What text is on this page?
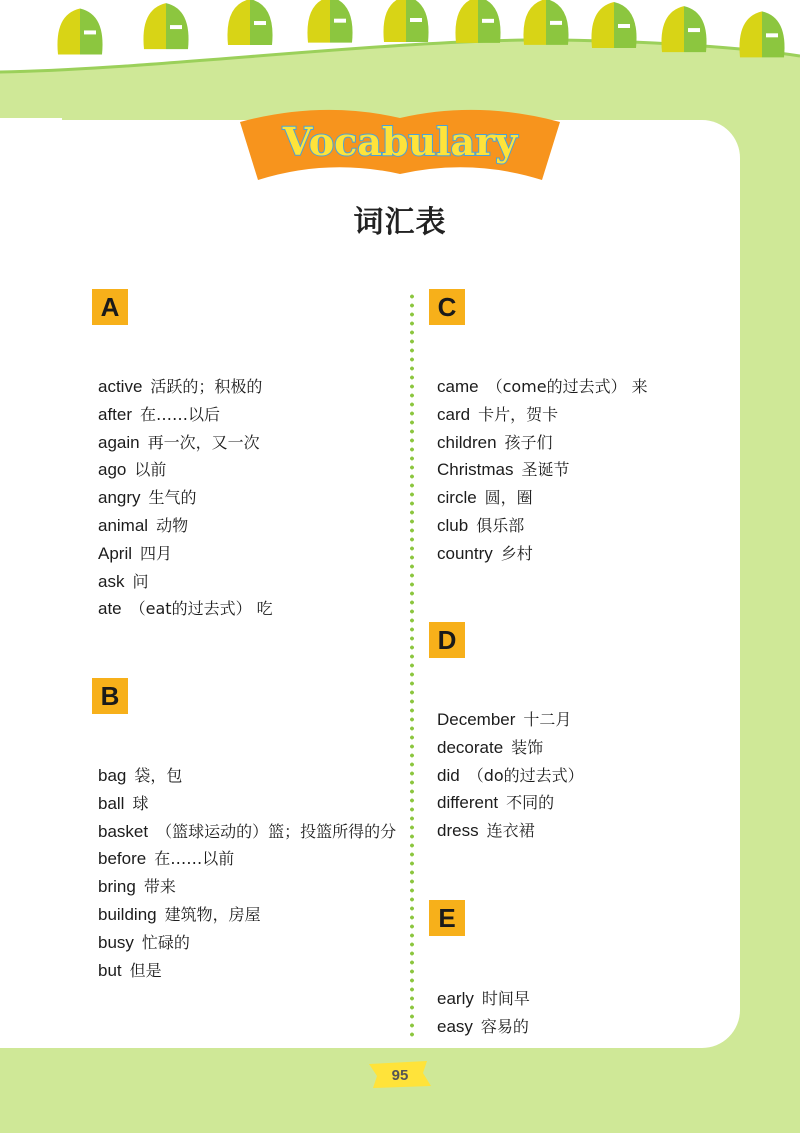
Vocabulary
词汇表
A
active 活跃的；积极的
after 在……以后
again 再一次，又一次
ago 以前
angry 生气的
animal 动物
April 四月
ask 问
ate （eat的过去式） 吃
B
bag 袋，包
ball 球
basket （篮球运动的）篮；投篮所得的分
before 在……以前
bring 带来
building 建筑物，房屋
busy 忙碌的
but 但是
C
came （come的过去式） 来
card 卡片，贺卡
children 孩子们
Christmas 圣诞节
circle 圆，圈
club 俱乐部
country 乡村
D
December 十二月
decorate 装饰
did （do的过去式）
different 不同的
dress 连衣裙
E
early 时间早
easy 容易的
95
